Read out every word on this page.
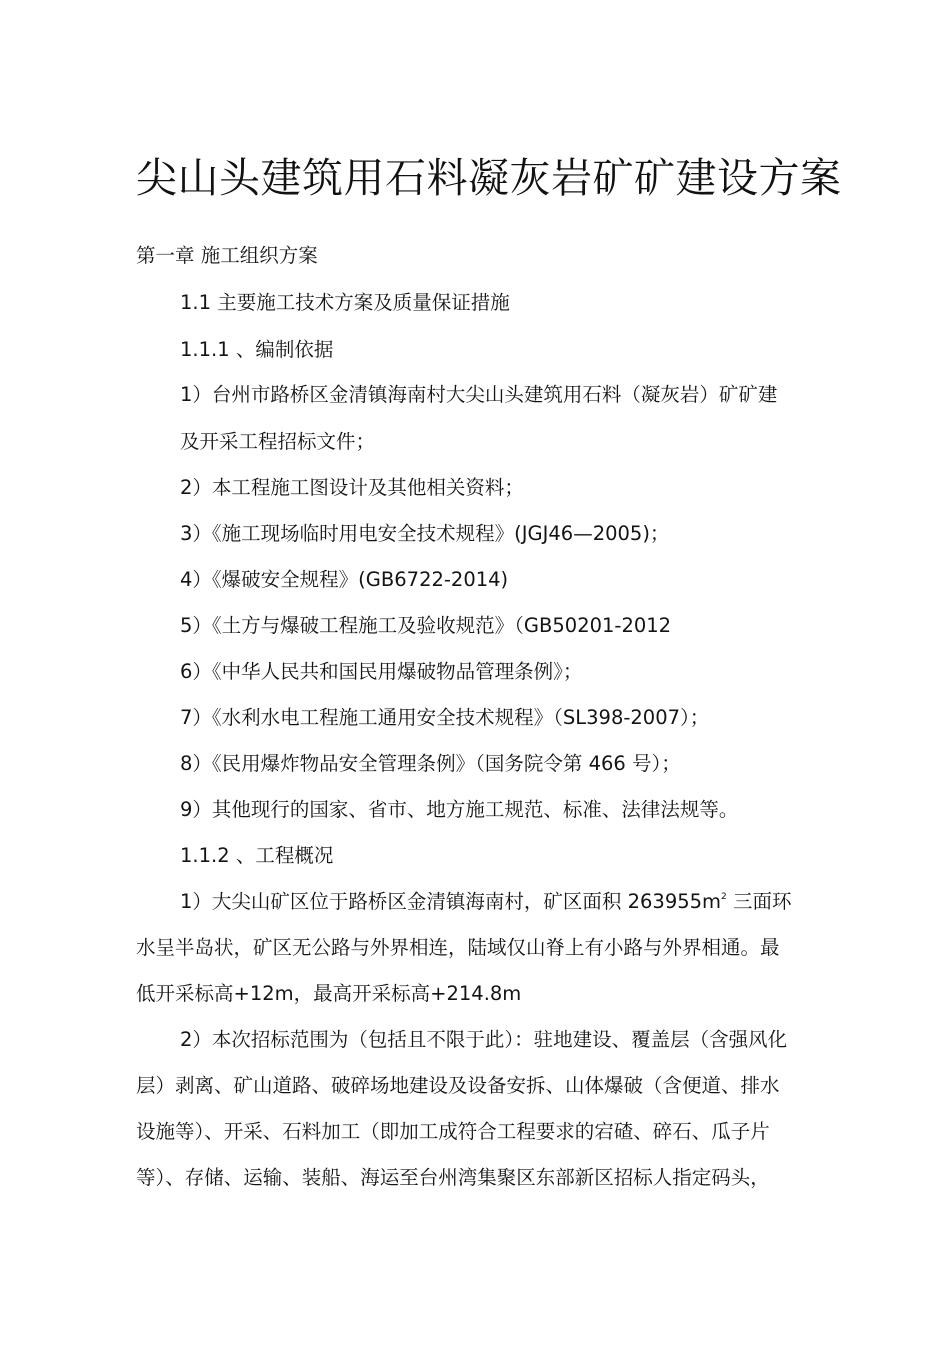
尖山头建筑用石料凝灰岩矿矿建设方案
第一章 施工组织方案
1.1 主要施工技术方案及质量保证措施
1.1.1 、编制依据
1）台州市路桥区金清镇海南村大尖山头建筑用石料（凝灰岩）矿矿建
及开采工程招标文件；
2）本工程施工图设计及其他相关资料；
3）《施工现场临时用电安全技术规程》(JGJ46—2005)；
4）《爆破安全规程》(GB6722-2014)
5）《土方与爆破工程施工及验收规范》（GB50201-2012
6）《中华人民共和国民用爆破物品管理条例》；
7）《水利水电工程施工通用安全技术规程》（SL398-2007）；
8）《民用爆炸物品安全管理条例》（国务院令第 466 号）；
9）其他现行的国家、省市、地方施工规范、标准、法律法规等。
1.1.2 、工程概况
1）大尖山矿区位于路桥区金清镇海南村，矿区面积 $263955m^2$ 三面环
水呈半岛状，矿区无公路与外界相连，陆域仅山脊上有小路与外界相通。最
低开采标高+12m，最高开采标高+214.8m
2）本次招标范围为（包括且不限于此）：驻地建设、覆盖层（含强风化
层）剥离、矿山道路、破碎场地建设及设备安拆、山体爆破（含便道、排水
设施等）、开采、石料加工（即加工成符合工程要求的宕碴、碎石、瓜子片
等）、存储、运输、装船、海运至台州湾集聚区东部新区招标人指定码头，
